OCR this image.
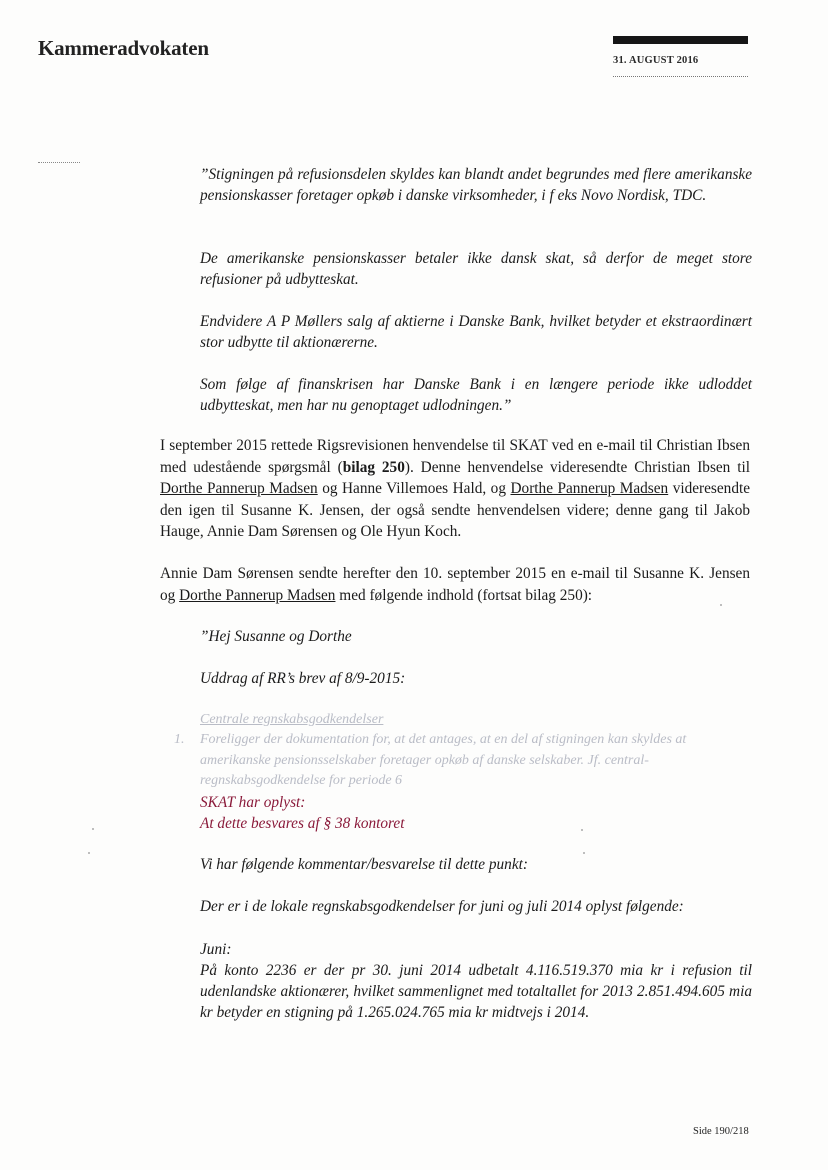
Kammeradvokaten
31. AUGUST 2016

”Stigningen på refusionsdelen skyldes kan blandt andet begrundes med flere amerikanske pensionskasser foretager opkøb i danske virksomheder, i f eks Novo Nordisk, TDC.

De amerikanske pensionskasser betaler ikke dansk skat, så derfor de meget store refusioner på udbytteskat.

Endvidere A P Møllers salg af aktierne i Danske Bank, hvilket betyder et ekstraordinært stor udbytte til aktionærerne.

Som følge af finanskrisen har Danske Bank i en længere periode ikke udloddet udbytteskat, men har nu genoptaget udlodningen.”

I september 2015 rettede Rigsrevisionen henvendelse til SKAT ved en e-mail til Christian Ibsen med udestående spørgsmål (bilag 250). Denne henvendelse videresendte Christian Ibsen til Dorthe Pannerup Madsen og Hanne Villemoes Hald, og Dorthe Pannerup Madsen videresendte den igen til Susanne K. Jensen, der også sendte henvendelsen videre; denne gang til Jakob Hauge, Annie Dam Sørensen og Ole Hyun Koch.

Annie Dam Sørensen sendte herefter den 10. september 2015 en e-mail til Susanne K. Jensen og Dorthe Pannerup Madsen med følgende indhold (fortsat bilag 250):

”Hej Susanne og Dorthe

Uddrag af RR’s brev af 8/9-2015:

Centrale regnskabsgodkendelser
1. Foreligger der dokumentation for, at det antages, at en del af stigningen kan skyldes at amerikanske pensionsselskaber foretager opkøb af danske selskaber. Jf. central-regnskabsgodkendelse for periode 6
SKAT har oplyst:
At dette besvares af § 38 kontoret

Vi har følgende kommentar/besvarelse til dette punkt:

Der er i de lokale regnskabsgodkendelser for juni og juli 2014 oplyst følgende:

Juni:

På konto 2236 er der pr 30. juni 2014 udbetalt 4.116.519.370 mia kr i refusion til udenlandske aktionærer, hvilket sammenlignet med totaltallet for 2013 2.851.494.605 mia kr betyder en stigning på 1.265.024.765 mia kr midtvejs i 2014.

Side 190/218
